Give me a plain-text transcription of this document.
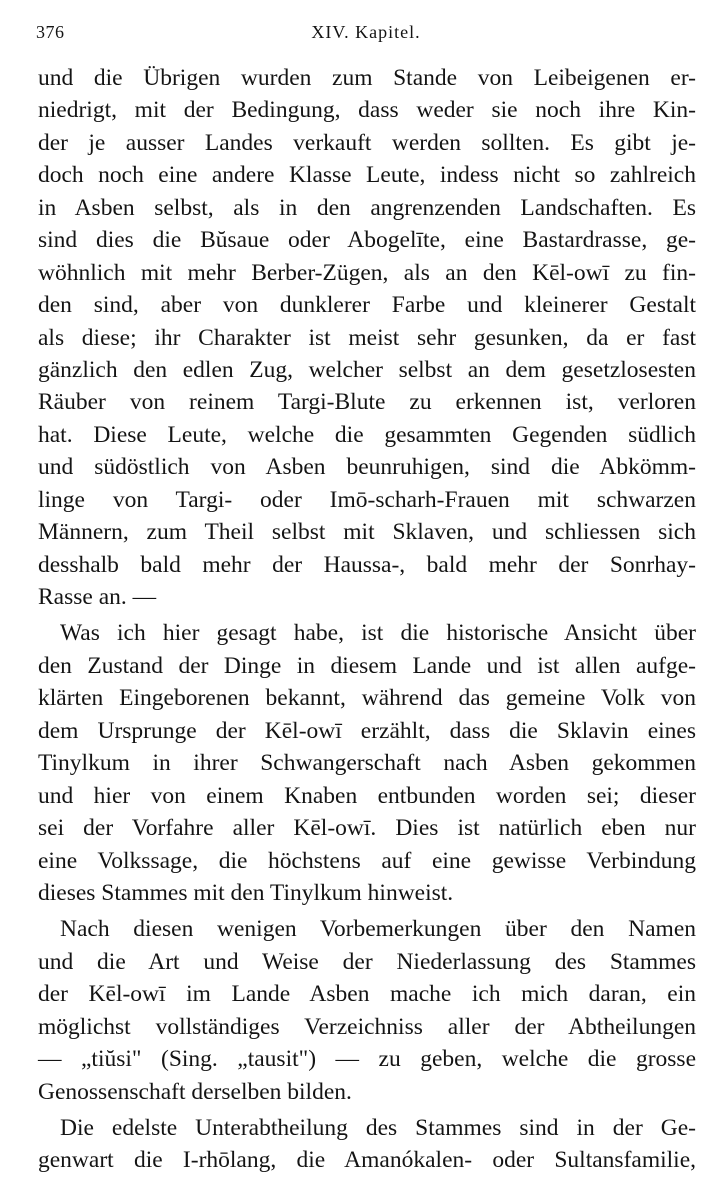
376	XIV. Kapitel.
und die Übrigen wurden zum Stande von Leibeigenen er-
niedrigt, mit der Bedingung, dass weder sie noch ihre Kin-
der je ausser Landes verkauft werden sollten. Es gibt je-
doch noch eine andere Klasse Leute, indess nicht so zahlreich
in Asben selbst, als in den angrenzenden Landschaften. Es
sind dies die Bŭsaue oder Abogelīte, eine Bastardrasse, ge-
wöhnlich mit mehr Berber-Zügen, als an den Kēl-owī zu fin-
den sind, aber von dunklerer Farbe und kleinerer Gestalt
als diese; ihr Charakter ist meist sehr gesunken, da er fast
gänzlich den edlen Zug, welcher selbst an dem gesetzlosesten
Räuber von reinem Targi-Blute zu erkennen ist, verloren
hat. Diese Leute, welche die gesammten Gegenden südlich
und südöstlich von Asben beunruhigen, sind die Abkömm-
linge von Targi- oder Imō-scharh-Frauen mit schwarzen
Männern, zum Theil selbst mit Sklaven, und schliessen sich
desshalb bald mehr der Haussa-, bald mehr der Sonrhay-
Rasse an. —
Was ich hier gesagt habe, ist die historische Ansicht über
den Zustand der Dinge in diesem Lande und ist allen aufge-
klärten Eingeborenen bekannt, während das gemeine Volk von
dem Ursprunge der Kēl-owī erzählt, dass die Sklavin eines
Tinylkum in ihrer Schwangerschaft nach Asben gekommen
und hier von einem Knaben entbunden worden sei; dieser
sei der Vorfahre aller Kēl-owī. Dies ist natürlich eben nur
eine Volkssage, die höchstens auf eine gewisse Verbindung
dieses Stammes mit den Tinylkum hinweist.
Nach diesen wenigen Vorbemerkungen über den Namen
und die Art und Weise der Niederlassung des Stammes
der Kēl-owī im Lande Asben mache ich mich daran, ein
möglichst vollständiges Verzeichniss aller der Abtheilungen
— „tiŭsi" (Sing. „tausit") — zu geben, welche die grosse
Genossenschaft derselben bilden.
Die edelste Unterabtheilung des Stammes sind in der Ge-
genwart die I-rhōlang, die Amanókalen- oder Sultansfamilie,
